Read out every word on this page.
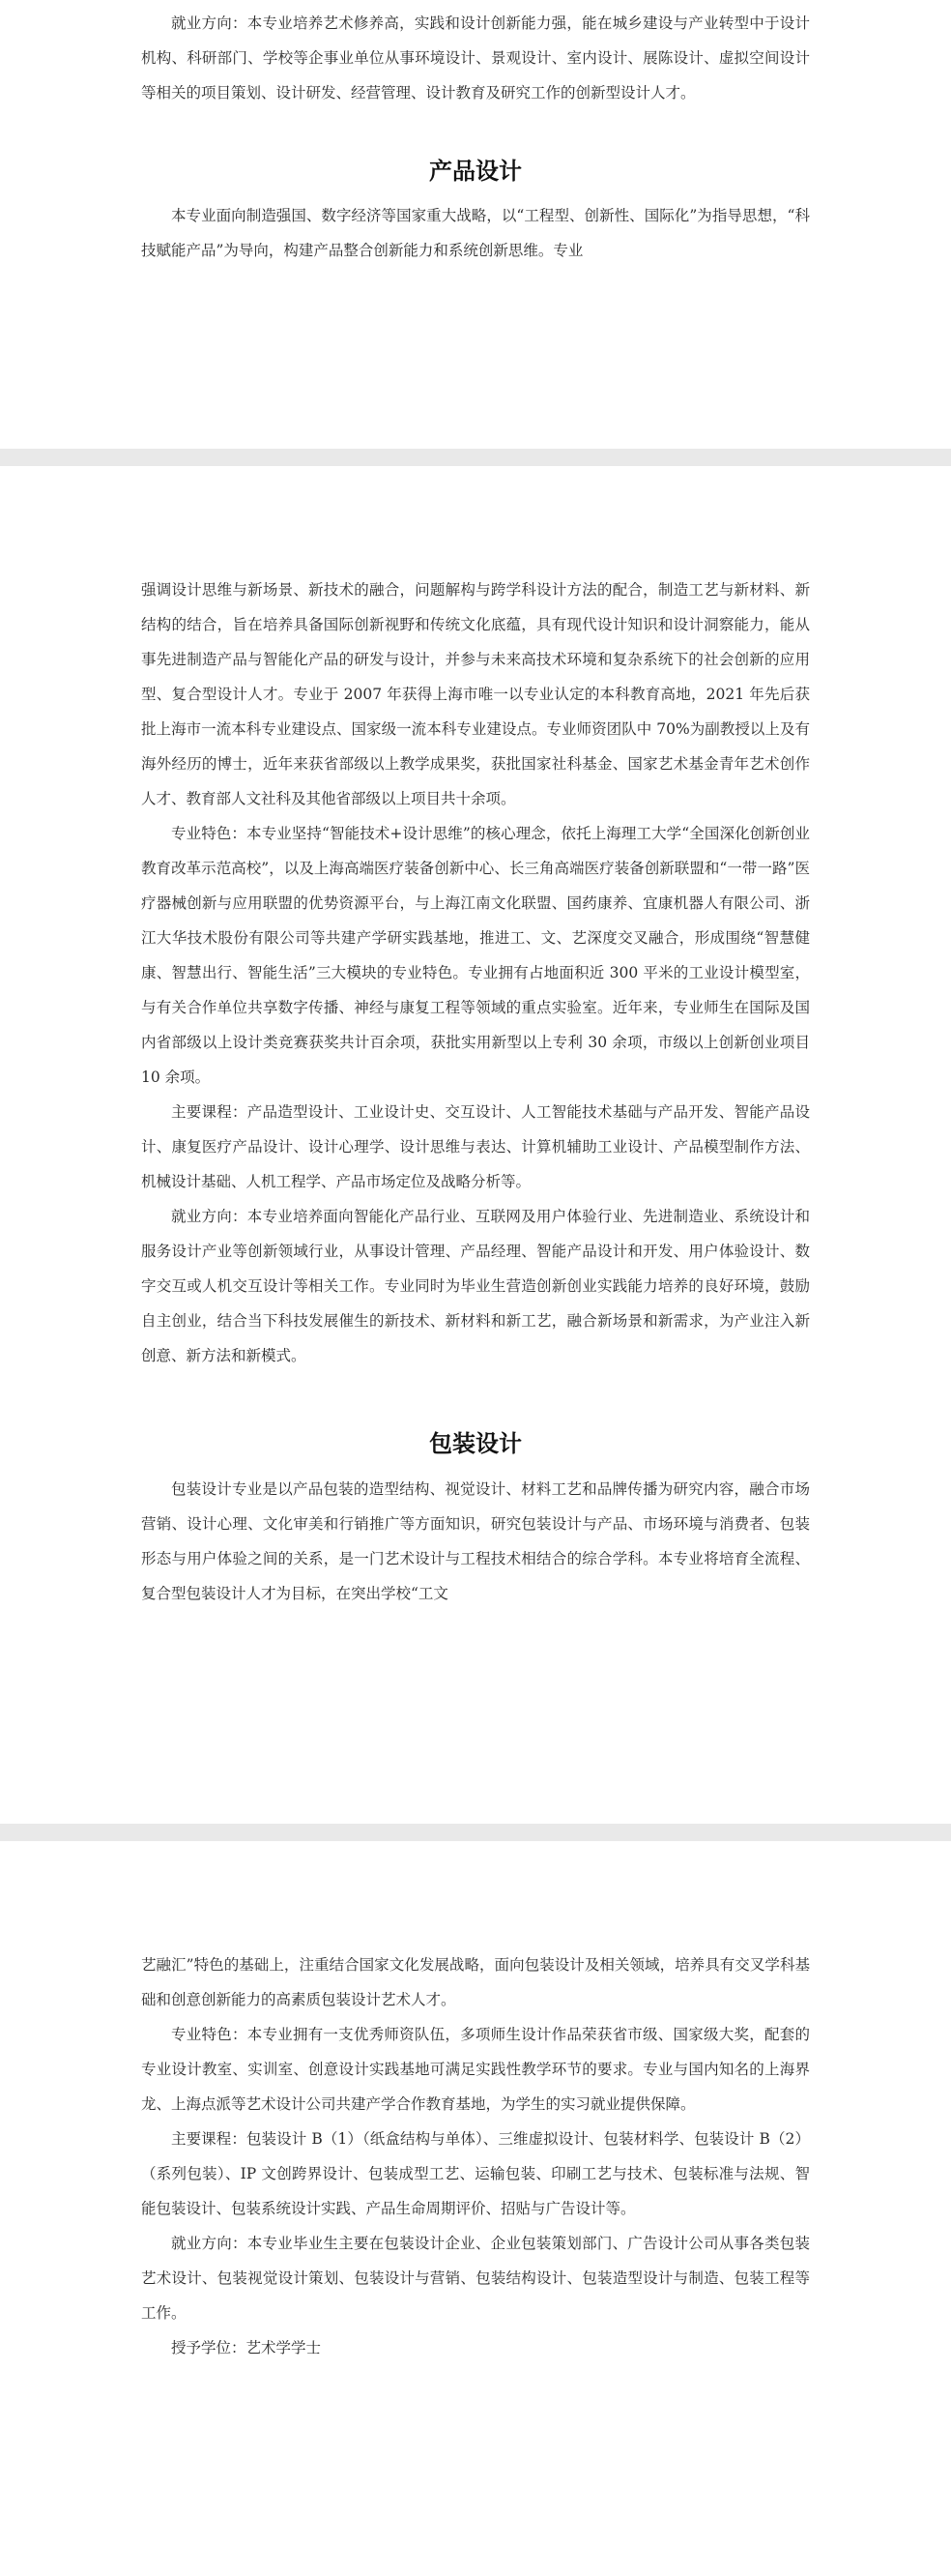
就业方向：本专业培养艺术修养高，实践和设计创新能力强，能在城乡建设与产业转型中于设计机构、科研部门、学校等企事业单位从事环境设计、景观设计、室内设计、展陈设计、虚拟空间设计等相关的项目策划、设计研发、经营管理、设计教育及研究工作的创新型设计人才。

产品设计

本专业面向制造强国、数字经济等国家重大战略，以“工程型、创新性、国际化”为指导思想，“科技赋能产品”为导向，构建产品整合创新能力和系统创新思维。专业

强调设计思维与新场景、新技术的融合，问题解构与跨学科设计方法的配合，制造工艺与新材料、新结构的结合，旨在培养具备国际创新视野和传统文化底蕴，具有现代设计知识和设计洞察能力，能从事先进制造产品与智能化产品的研发与设计，并参与未来高技术环境和复杂系统下的社会创新的应用型、复合型设计人才。专业于 2007 年获得上海市唯一以专业认定的本科教育高地，2021 年先后获批上海市一流本科专业建设点、国家级一流本科专业建设点。专业师资团队中 70%为副教授以上及有海外经历的博士，近年来获省部级以上教学成果奖，获批国家社科基金、国家艺术基金青年艺术创作人才、教育部人文社科及其他省部级以上项目共十余项。

专业特色：本专业坚持“智能技术+设计思维”的核心理念，依托上海理工大学“全国深化创新创业教育改革示范高校”，以及上海高端医疗装备创新中心、长三角高端医疗装备创新联盟和“一带一路”医疗器械创新与应用联盟的优势资源平台，与上海江南文化联盟、国药康养、宜康机器人有限公司、浙江大华技术股份有限公司等共建产学研实践基地，推进工、文、艺深度交叉融合，形成围绕“智慧健康、智慧出行、智能生活”三大模块的专业特色。专业拥有占地面积近 300 平米的工业设计模型室，与有关合作单位共享数字传播、神经与康复工程等领域的重点实验室。近年来，专业师生在国际及国内省部级以上设计类竞赛获奖共计百余项，获批实用新型以上专利 30 余项，市级以上创新创业项目 10 余项。

主要课程：产品造型设计、工业设计史、交互设计、人工智能技术基础与产品开发、智能产品设计、康复医疗产品设计、设计心理学、设计思维与表达、计算机辅助工业设计、产品模型制作方法、机械设计基础、人机工程学、产品市场定位及战略分析等。

就业方向：本专业培养面向智能化产品行业、互联网及用户体验行业、先进制造业、系统设计和服务设计产业等创新领域行业，从事设计管理、产品经理、智能产品设计和开发、用户体验设计、数字交互或人机交互设计等相关工作。专业同时为毕业生营造创新创业实践能力培养的良好环境，鼓励自主创业，结合当下科技发展催生的新技术、新材料和新工艺，融合新场景和新需求，为产业注入新创意、新方法和新模式。

包装设计

包装设计专业是以产品包装的造型结构、视觉设计、材料工艺和品牌传播为研究内容，融合市场营销、设计心理、文化审美和行销推广等方面知识，研究包装设计与产品、市场环境与消费者、包装形态与用户体验之间的关系，是一门艺术设计与工程技术相结合的综合学科。本专业将培育全流程、复合型包装设计人才为目标，在突出学校“工文

艺融汇”特色的基础上，注重结合国家文化发展战略，面向包装设计及相关领域，培养具有交叉学科基础和创意创新能力的高素质包装设计艺术人才。

专业特色：本专业拥有一支优秀师资队伍，多项师生设计作品荣获省市级、国家级大奖，配套的专业设计教室、实训室、创意设计实践基地可满足实践性教学环节的要求。专业与国内知名的上海界龙、上海点派等艺术设计公司共建产学合作教育基地，为学生的实习就业提供保障。

主要课程：包装设计 B（1）（纸盒结构与单体）、三维虚拟设计、包装材料学、包装设计 B（2）（系列包装）、IP 文创跨界设计、包装成型工艺、运输包装、印刷工艺与技术、包装标准与法规、智能包装设计、包装系统设计实践、产品生命周期评价、招贴与广告设计等。

就业方向：本专业毕业生主要在包装设计企业、企业包装策划部门、广告设计公司从事各类包装艺术设计、包装视觉设计策划、包装设计与营销、包装结构设计、包装造型设计与制造、包装工程等工作。

授予学位：艺术学学士
